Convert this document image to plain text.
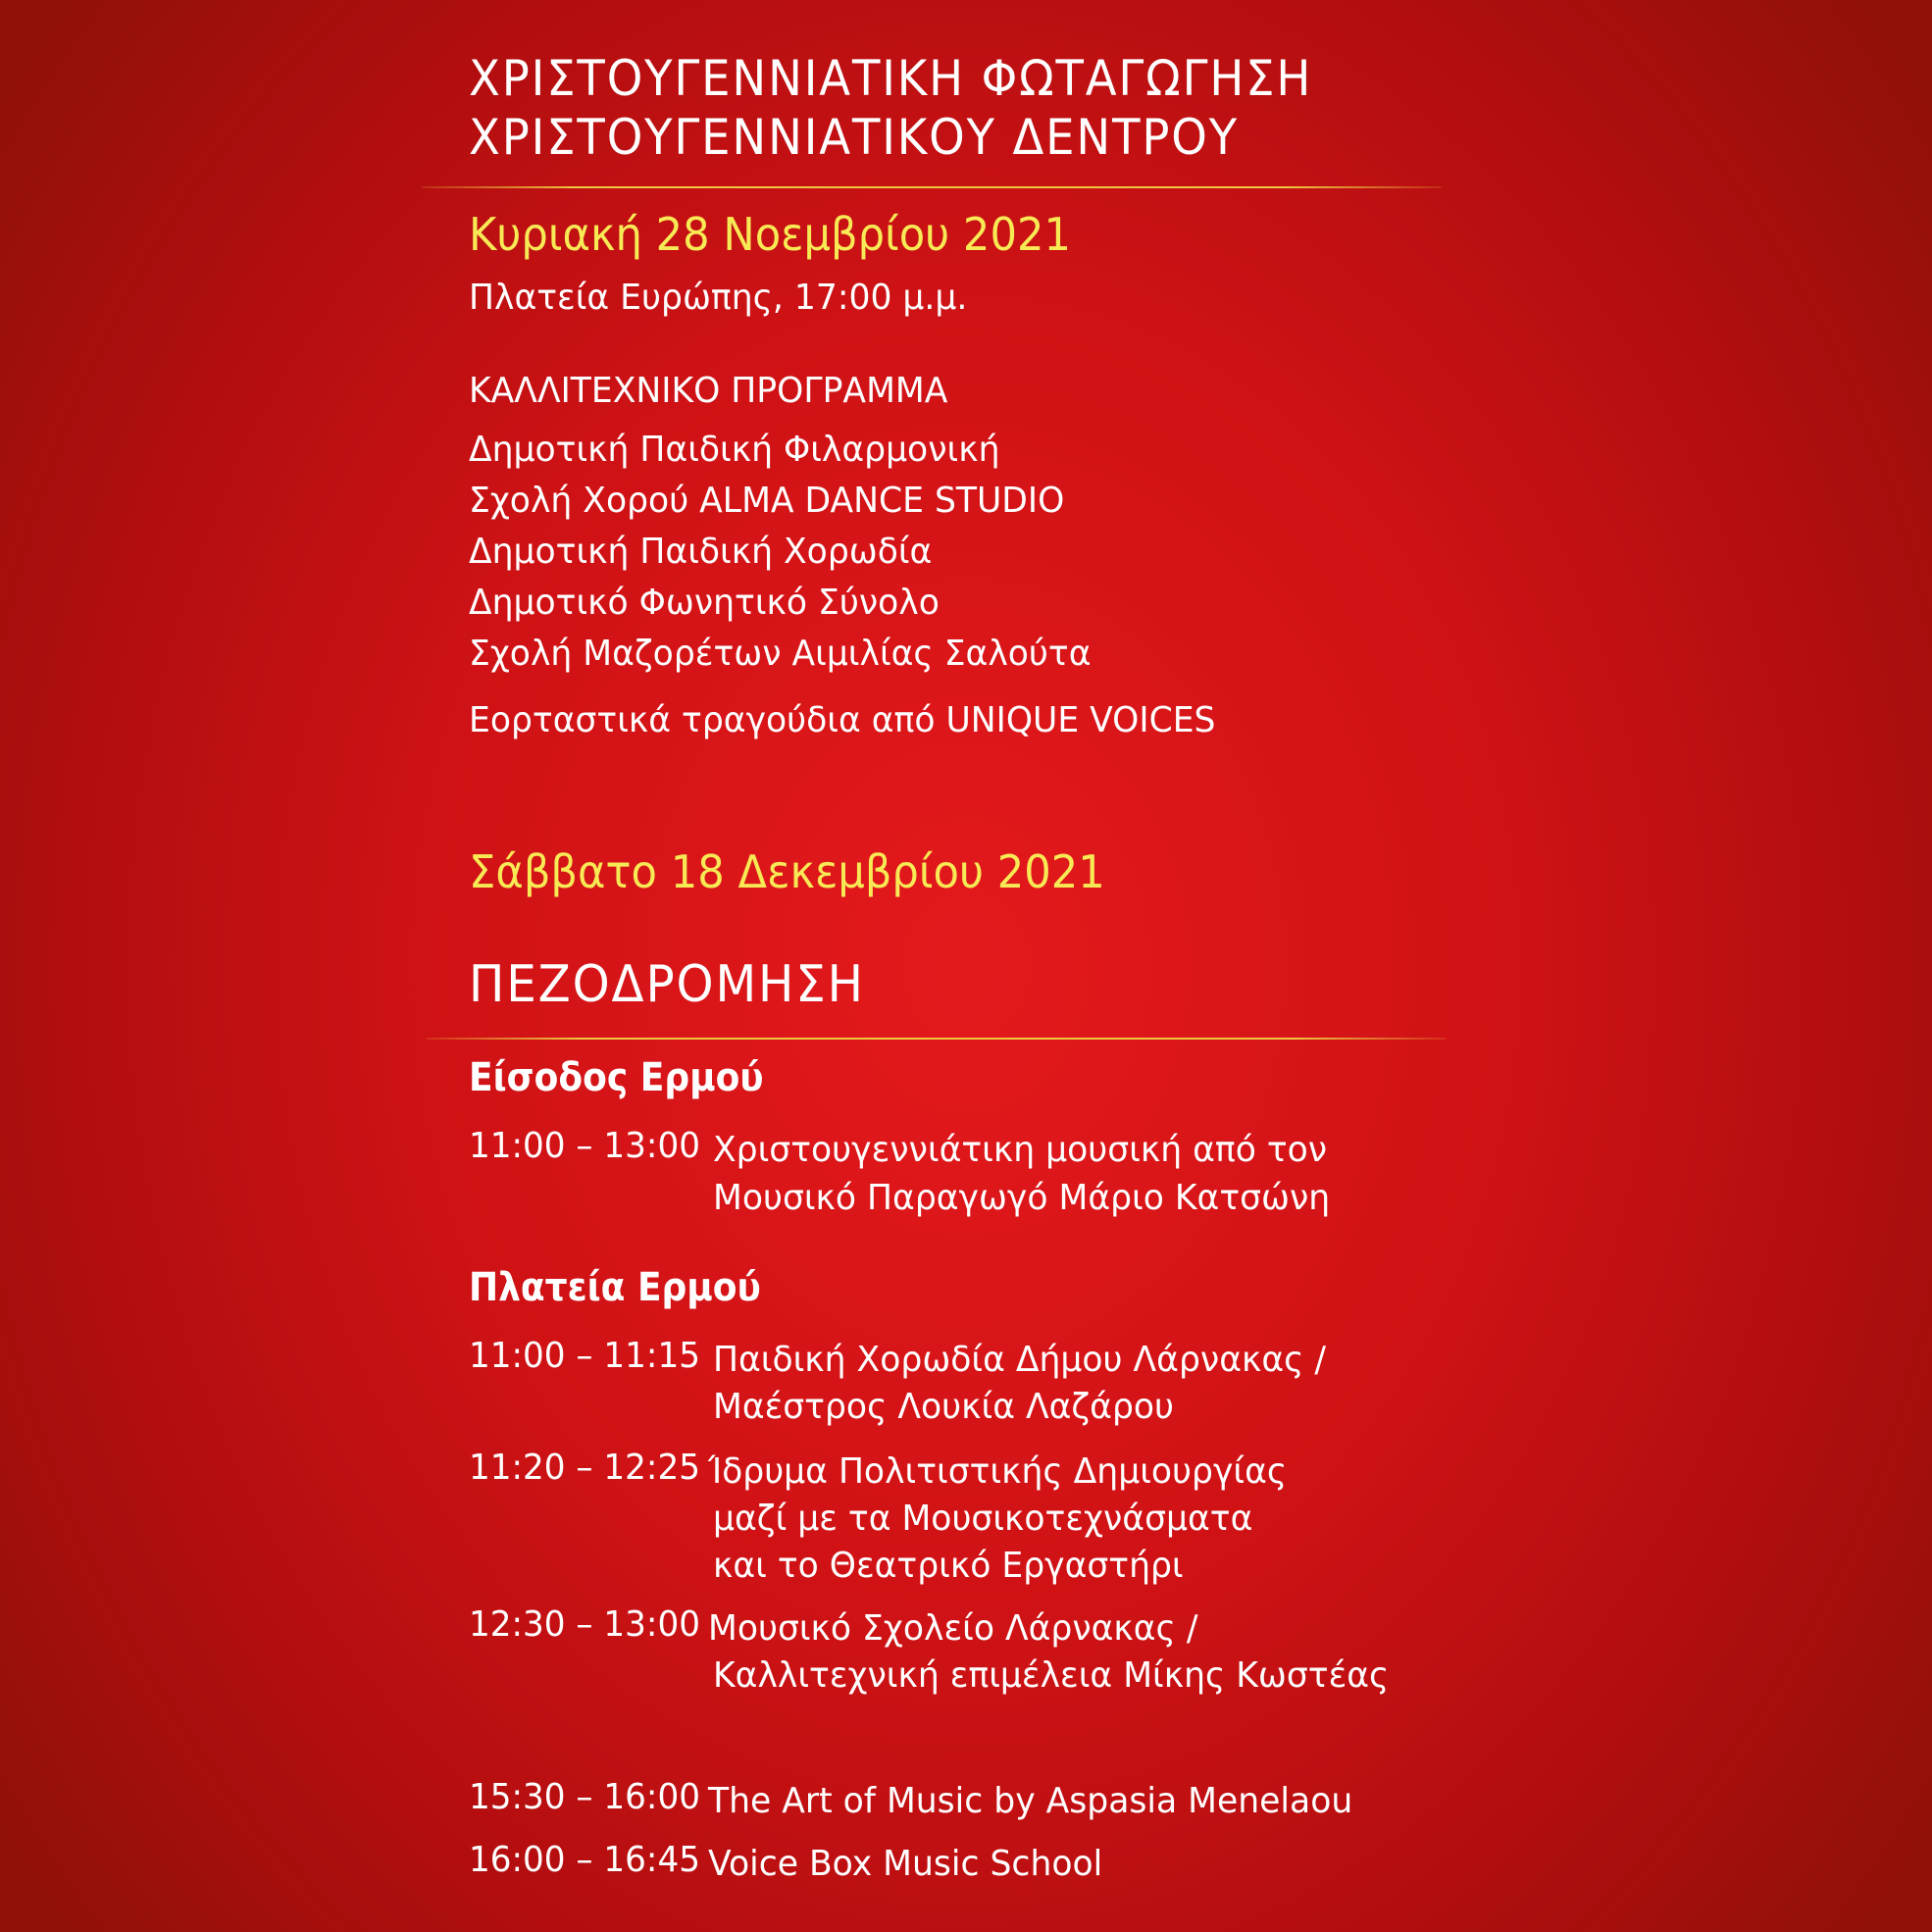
ΧΡΙΣΤΟΥΓΕΝΝΙΑΤΙΚΗ ΦΩΤΑΓΩΓΗΣΗ
ΧΡΙΣΤΟΥΓΕΝΝΙΑΤΙΚΟΥ ΔΕΝΤΡΟΥ
Κυριακή 28 Νοεμβρίου 2021
Πλατεία Ευρώπης, 17:00 μ.μ.
ΚΑΛΛΙΤΕΧΝΙΚΟ ΠΡΟΓΡΑΜΜΑ
Δημοτική Παιδική Φιλαρμονική
Σχολή Χορού ALMA DANCE STUDIO
Δημοτική Παιδική Χορωδία
Δημοτικό Φωνητικό Σύνολο
Σχολή Μαζορέτων Αιμιλίας Σαλούτα
Εορταστικά τραγούδια από UNIQUE VOICES
Σάββατο 18 Δεκεμβρίου 2021
ΠΕΖΟΔΡΟΜΗΣΗ
Είσοδος Ερμού
11:00 – 13:00 Χριστουγεννιάτικη μουσική από τον
Μουσικό Παραγωγό Μάριο Κατσώνη
Πλατεία Ερμού
11:00 – 11:15 Παιδική Χορωδία Δήμου Λάρνακας /
Μαέστρος Λουκία Λαζάρου
11:20 – 12:25 Ίδρυμα Πολιτιστικής Δημιουργίας
μαζί με τα Μουσικοτεχνάσματα
και το Θεατρικό Εργαστήρι
12:30 – 13:00 Μουσικό Σχολείο Λάρνακας /
Καλλιτεχνική επιμέλεια Μίκης Κωστέας
15:30 – 16:00 The Art of Music by Aspasia Menelaou
16:00 – 16:45 Voice Box Music School
